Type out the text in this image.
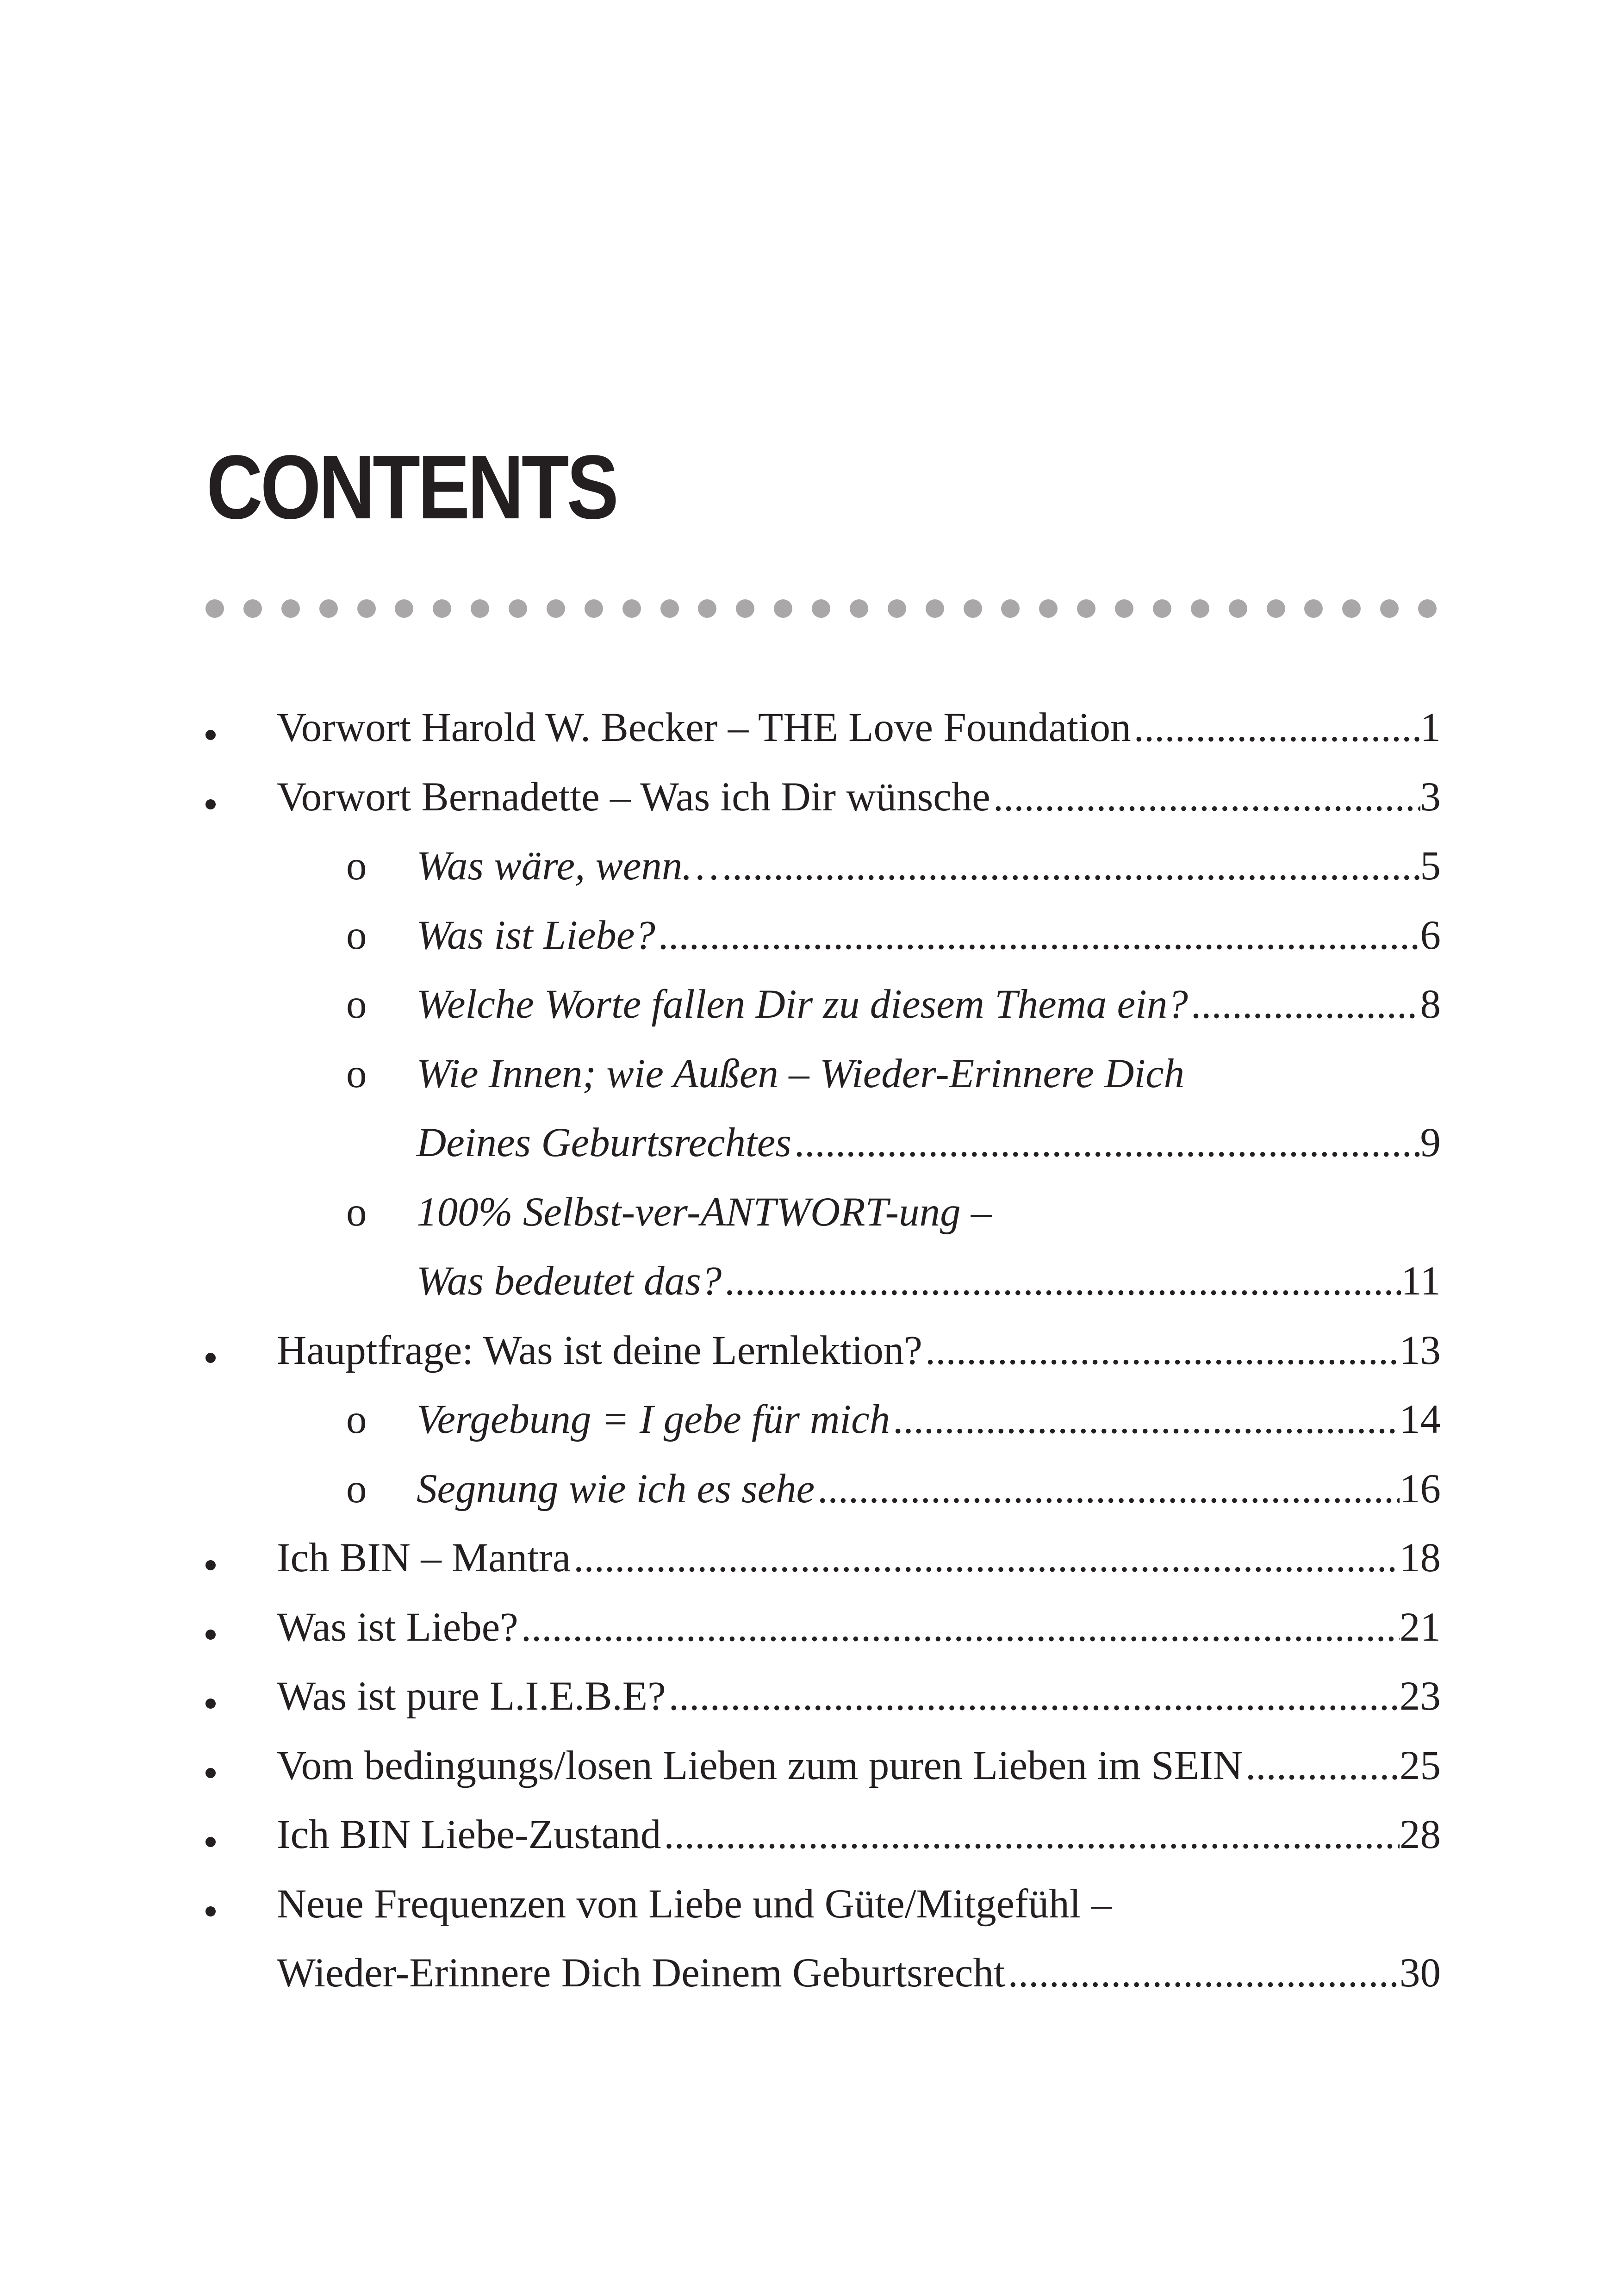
CONTENTS
Vorwort Harold W. Becker – THE Love Foundation .....	1
Vorwort Bernadette – Was ich Dir wünsche .....	3
o Was wäre, wenn… .....	5
o Was ist Liebe? .....	6
o Welche Worte fallen Dir zu diesem Thema ein? .....	8
o Wie Innen; wie Außen – Wieder-Erinnere Dich
Deines Geburtsrechtes .....	9
o 100% Selbst-ver-ANTWORT-ung –
Was bedeutet das? .....	11
Hauptfrage: Was ist deine Lernlektion? .....	13
o Vergebung = I gebe für mich .....	14
o Segnung wie ich es sehe .....	16
Ich BIN – Mantra .....	18
Was ist Liebe? .....	21
Was ist pure L.I.E.B.E? .....	23
Vom bedingungs/losen Lieben zum puren Lieben im SEIN .....	25
Ich BIN Liebe-Zustand .....	28
Neue Frequenzen von Liebe und Güte/Mitgefühl –
Wieder-Erinnere Dich Deinem Geburtsrecht .....	30
